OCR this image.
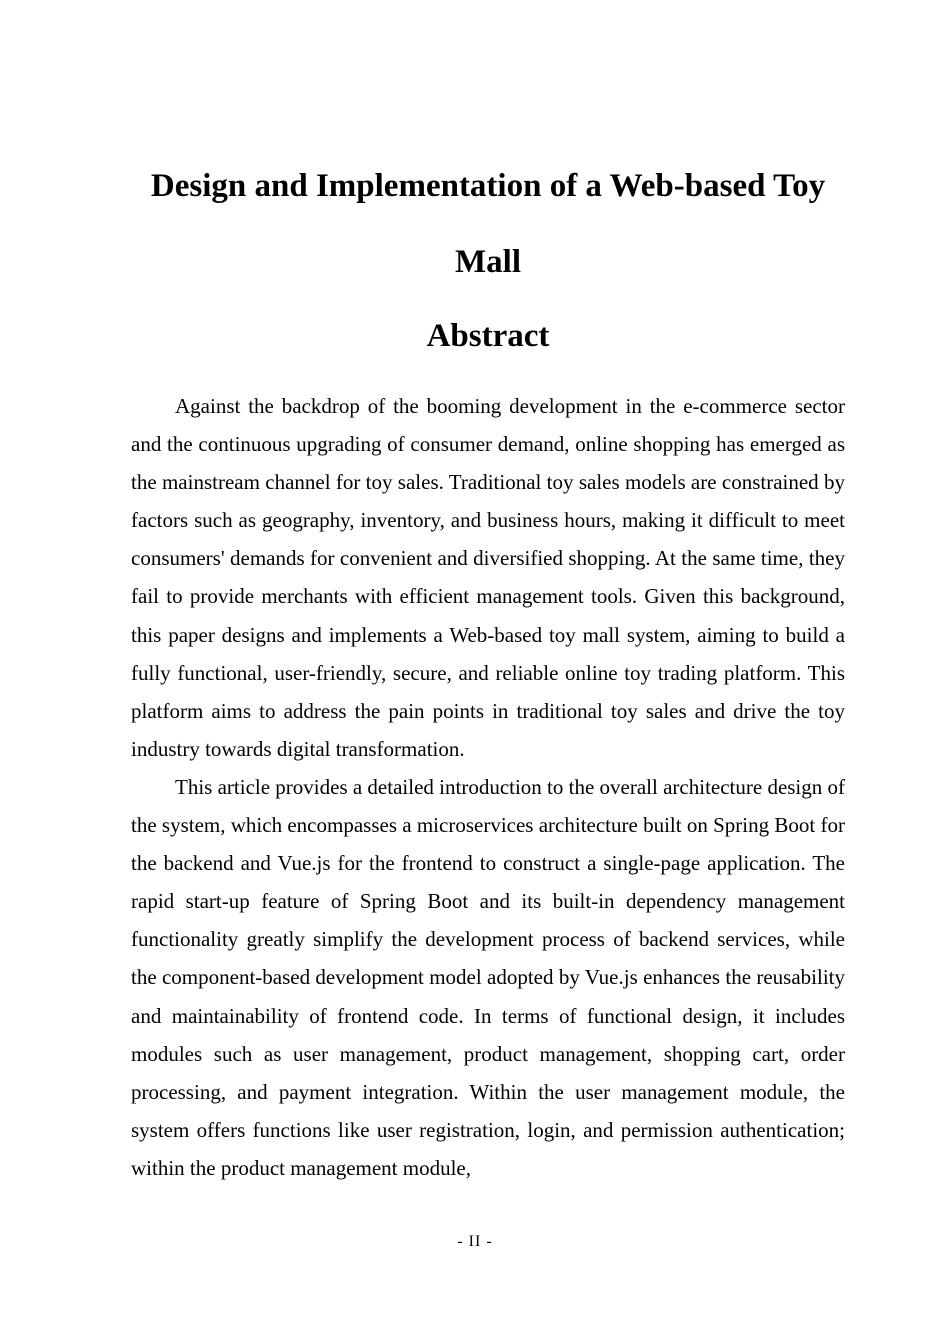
Design and Implementation of a Web-based Toy Mall
Abstract

Against the backdrop of the booming development in the e-commerce sector and the continuous upgrading of consumer demand, online shopping has emerged as the mainstream channel for toy sales. Traditional toy sales models are constrained by factors such as geography, inventory, and business hours, making it difficult to meet consumers' demands for convenient and diversified shopping. At the same time, they fail to provide merchants with efficient management tools. Given this background, this paper designs and implements a Web-based toy mall system, aiming to build a fully functional, user-friendly, secure, and reliable online toy trading platform. This platform aims to address the pain points in traditional toy sales and drive the toy industry towards digital transformation.

This article provides a detailed introduction to the overall architecture design of the system, which encompasses a microservices architecture built on Spring Boot for the backend and Vue.js for the frontend to construct a single-page application. The rapid start-up feature of Spring Boot and its built-in dependency management functionality greatly simplify the development process of backend services, while the component-based development model adopted by Vue.js enhances the reusability and maintainability of frontend code. In terms of functional design, it includes modules such as user management, product management, shopping cart, order processing, and payment integration. Within the user management module, the system offers functions like user registration, login, and permission authentication; within the product management module,

- II -
